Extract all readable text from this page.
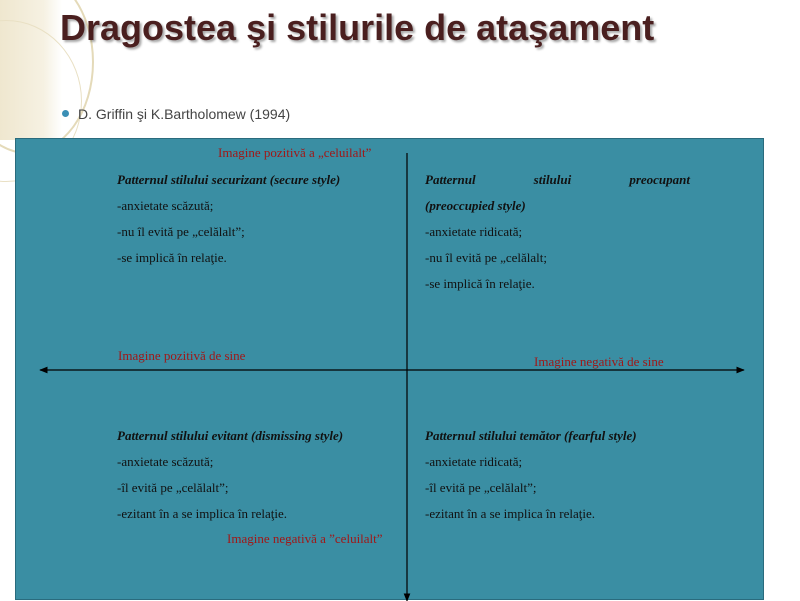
Dragostea şi stilurile de ataşament
D. Griffin şi K.Bartholomew (1994)
Imagine pozitivă a „celuilalt”
Imagine pozitivă de sine	Imagine negativă de sine
Imagine negativă a ”celuilalt”
Patternul stilului securizant (secure style)
-anxietate scăzută;
-nu îl evită pe „celălalt”;
-se implică în relaţie.
Patternul	stilului	preocupant
(preoccupied style)
-anxietate ridicată;
-nu îl evită pe „celălalt;
-se implică în relaţie.
Patternul stilului evitant (dismissing style)
-anxietate scăzută;
-îl evită pe „celălalt”;
-ezitant în a se implica în relaţie.
Patternul stilului temător (fearful style)
-anxietate ridicată;
-îl evită pe „celălalt”;
-ezitant în a se implica în relaţie.
